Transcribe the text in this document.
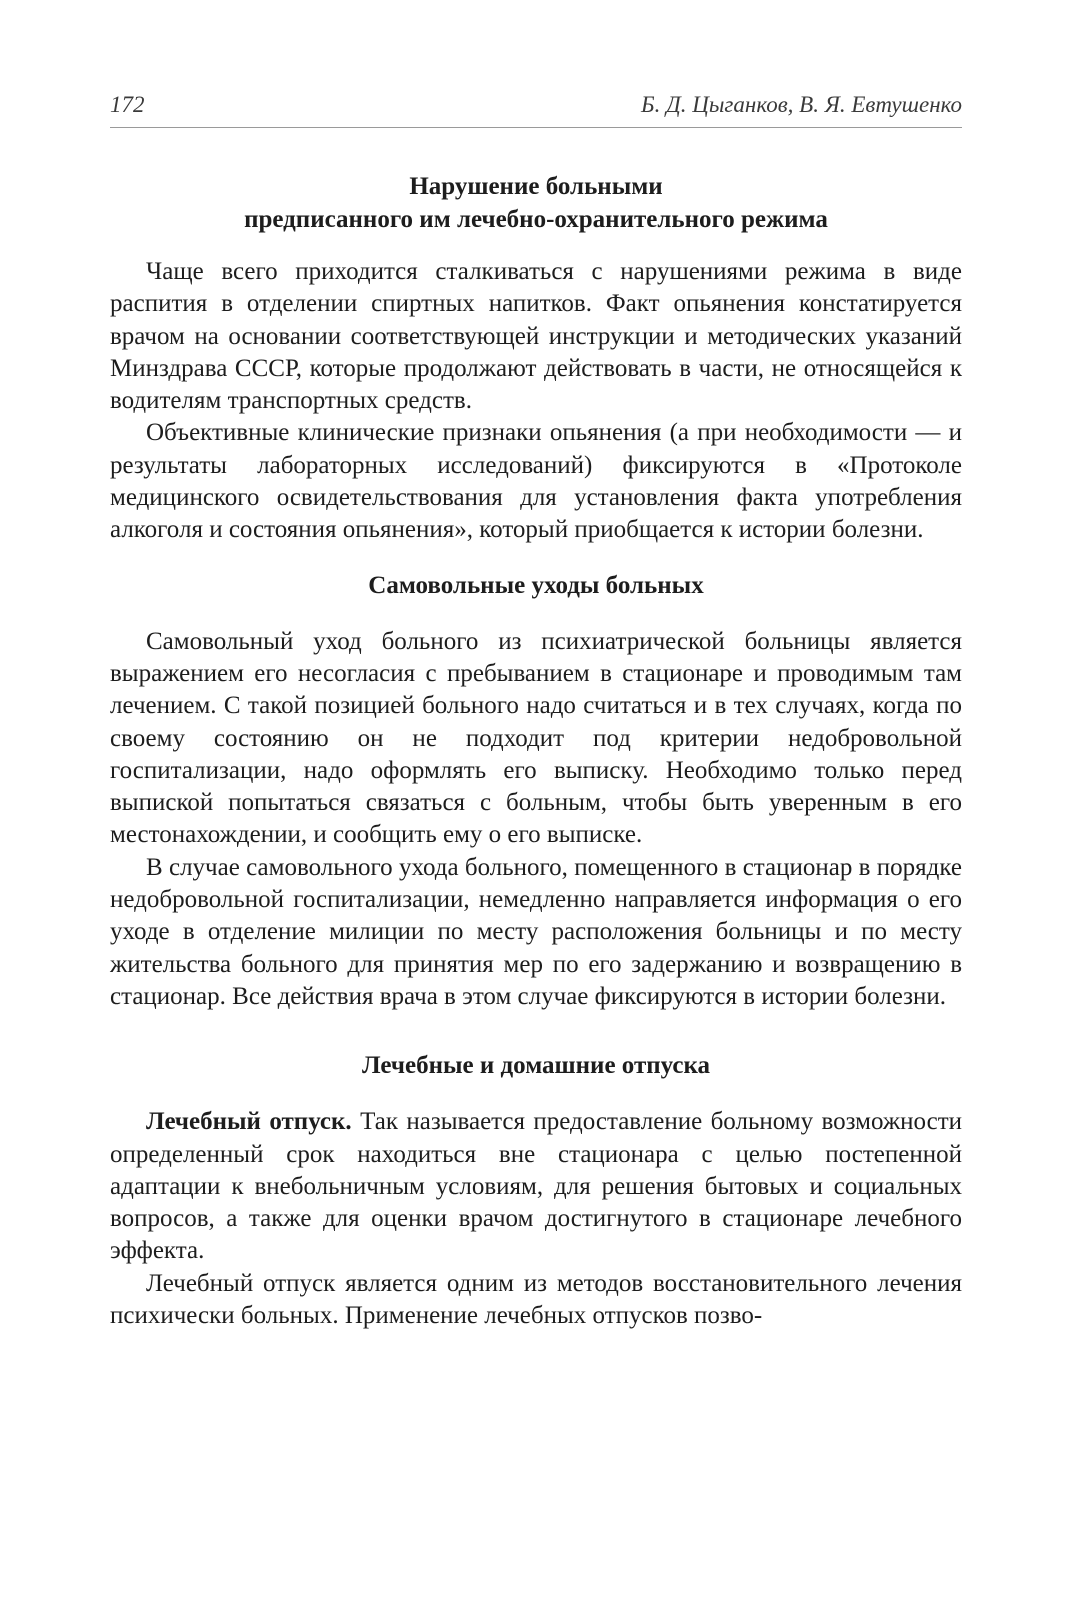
172	Б. Д. Цыганков, В. Я. Евтушенко
Нарушение больными
предписанного им лечебно-охранительного режима

Чаще всего приходится сталкиваться с нарушениями режима в виде распития в отделении спиртных напитков. Факт опьянения констатируется врачом на основании соответствующей инструкции и методических указаний Минздрава СССР, которые продолжают действовать в части, не относящейся к водителям транспортных средств.

Объективные клинические признаки опьянения (а при необходимости — и результаты лабораторных исследований) фиксируются в «Протоколе медицинского освидетельствования для установления факта употребления алкоголя и состояния опьянения», который приобщается к истории болезни.

Самовольные уходы больных

Самовольный уход больного из психиатрической больницы является выражением его несогласия с пребыванием в стационаре и проводимым там лечением. С такой позицией больного надо считаться и в тех случаях, когда по своему состоянию он не подходит под критерии недобровольной госпитализации, надо оформлять его выписку. Необходимо только перед выпиской попытаться связаться с больным, чтобы быть уверенным в его местонахождении, и сообщить ему о его выписке.

В случае самовольного ухода больного, помещенного в стационар в порядке недобровольной госпитализации, немедленно направляется информация о его уходе в отделение милиции по месту расположения больницы и по месту жительства больного для принятия мер по его задержанию и возвращению в стационар. Все действия врача в этом случае фиксируются в истории болезни.

Лечебные и домашние отпуска

Лечебный отпуск. Так называется предоставление больному возможности определенный срок находиться вне стационара с целью постепенной адаптации к внебольничным условиям, для решения бытовых и социальных вопросов, а также для оценки врачом достигнутого в стационаре лечебного эффекта.

Лечебный отпуск является одним из методов восстановительного лечения психически больных. Применение лечебных отпусков позво-
